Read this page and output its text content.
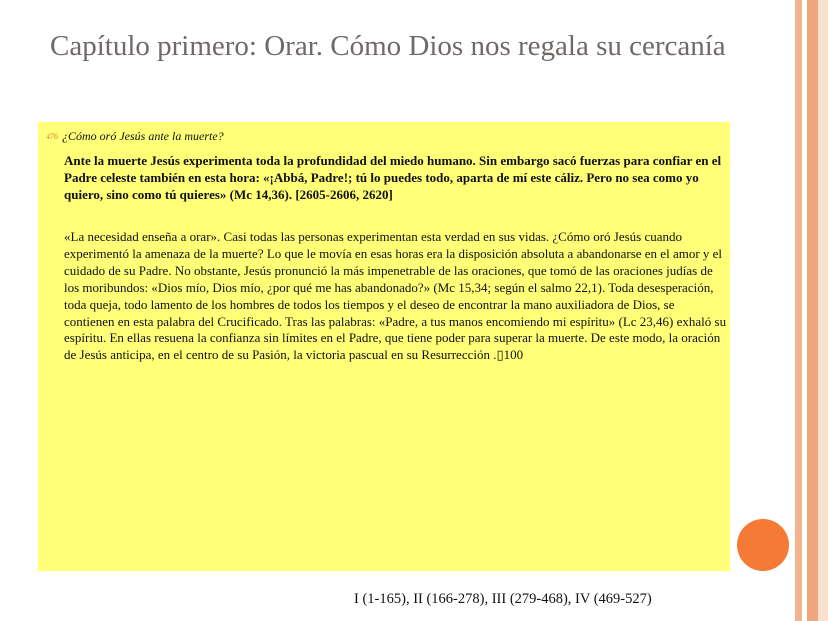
Capítulo primero: Orar. Cómo Dios nos regala su cercanía
476 ¿Cómo oró Jesús ante la muerte?
Ante la muerte Jesús experimenta toda la profundidad del miedo humano. Sin embargo sacó fuerzas para confiar en el Padre celeste también en esta hora: «¡Abbá, Padre!; tú lo puedes todo, aparta de mí este cáliz. Pero no sea como yo quiero, sino como tú quieres» (Mc 14,36). [2605-2606, 2620]
«La necesidad enseña a orar». Casi todas las personas experimentan esta verdad en sus vidas. ¿Cómo oró Jesús cuando experimentó la amenaza de la muerte? Lo que le movía en esas horas era la disposición absoluta a abandonarse en el amor y el cuidado de su Padre. No obstante, Jesús pronunció la más impenetrable de las oraciones, que tomó de las oraciones judías de los moribundos: «Dios mío, Dios mío, ¿por qué me has abandonado?» (Mc 15,34; según el salmo 22,1). Toda desesperación, toda queja, todo lamento de los hombres de todos los tiempos y el deseo de encontrar la mano auxiliadora de Dios, se contienen en esta palabra del Crucificado. Tras las palabras: «Padre, a tus manos encomiendo mi espíritu» (Lc 23,46) exhaló su espíritu. En ellas resuena la confianza sin límites en el Padre, que tiene poder para superar la muerte. De este modo, la oración de Jesús anticipa, en el centro de su Pasión, la victoria pascual en su Resurrección .▯100
I (1-165), II (166-278), III (279-468), IV (469-527)
